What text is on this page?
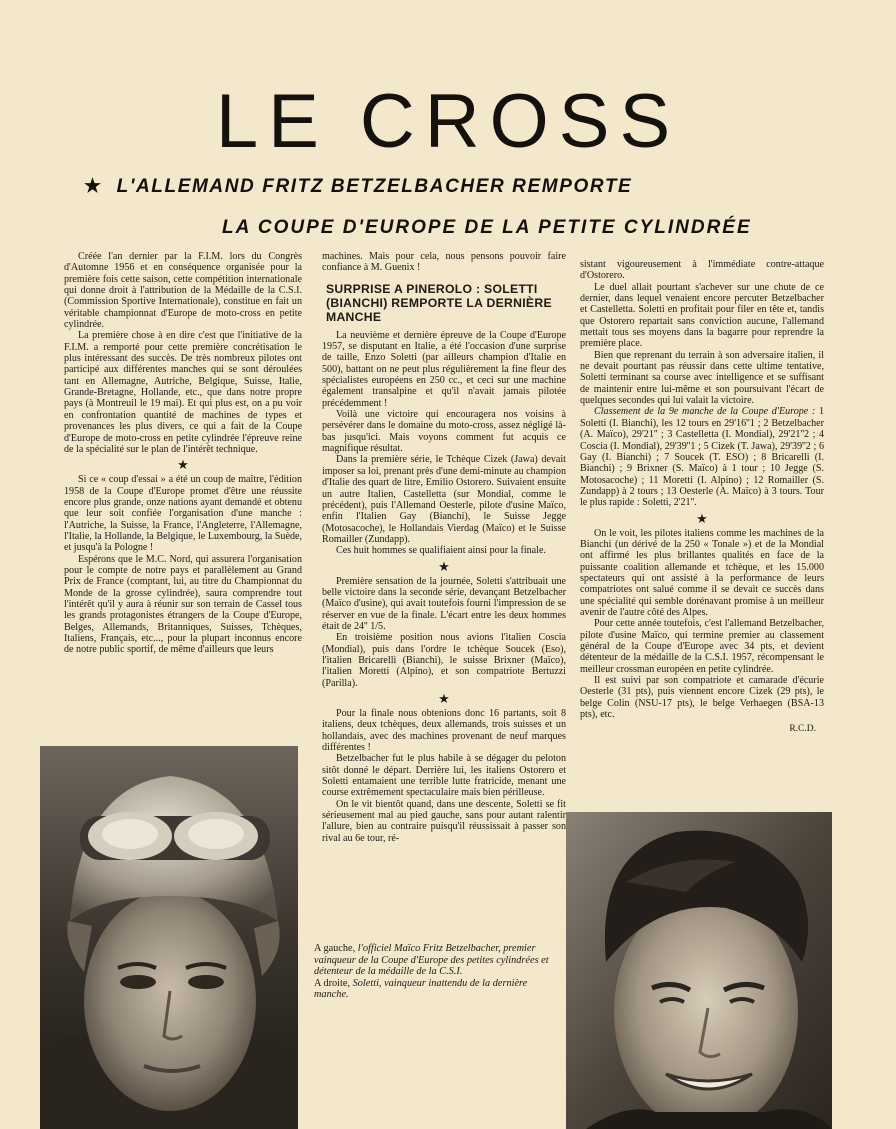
LE CROSS
★ L'ALLEMAND FRITZ BETZELBACHER REMPORTE
LA COUPE D'EUROPE DE LA PETITE CYLINDRÉE

Créée l'an dernier par la F.I.M. lors du Congrès d'Automne 1956 et en conséquence organisée pour la première fois cette saison, cette compétition internationale qui donne droit à l'attribution de la Médaille de la C.S.I. (Commission Sportive Internationale), constitue en fait un véritable championnat d'Europe de moto-cross en petite cylindrée.

La première chose à en dire c'est que l'initiative de la F.I.M. a remporté pour cette première concrétisation le plus intéressant des succès. De très nombreux pilotes ont participé aux différentes manches qui se sont déroulées tant en Allemagne, Autriche, Belgique, Suisse, Italie, Grande-Bretagne, Hollande, etc., que dans notre propre pays (à Montreuil le 19 mai). Et qui plus est, on a pu voir en confrontation quantité de machines de types et provenances les plus divers, ce qui a fait de la Coupe d'Europe de moto-cross en petite cylindrée l'épreuve reine de la spécialité sur le plan de l'intérêt technique.

★

Si ce « coup d'essai » a été un coup de maître, l'édition 1958 de la Coupe d'Europe promet d'être une réussite encore plus grande, onze nations ayant demandé et obtenu que leur soit confiée l'organisation d'une manche : l'Autriche, la Suisse, la France, l'Angleterre, l'Allemagne, l'Italie, la Hollande, la Belgique, le Luxembourg, la Suède, et jusqu'à la Pologne !

Espérons que le M.C. Nord, qui assurera l'organisation pour le compte de notre pays et parallèlement au Grand Prix de France (comptant, lui, au titre du Championnat du Monde de la grosse cylindrée), saura comprendre tout l'intérêt qu'il y aura à réunir sur son terrain de Cassel tous les grands protagonistes étrangers de la Coupe d'Europe, Belges, Allemands, Britanniques, Suisses, Tchèques, Italiens, Français, etc..., pour la plupart inconnus encore de notre public sportif, de même d'ailleurs que leurs

machines. Mais pour cela, nous pensons pouvoir faire confiance à M. Guenix !

SURPRISE A PINEROLO : SOLETTI (BIANCHI) REMPORTE LA DERNIÈRE MANCHE

La neuvième et dernière épreuve de la Coupe d'Europe 1957, se disputant en Italie, a été l'occasion d'une surprise de taille, Enzo Soletti (par ailleurs champion d'Italie en 500), battant on ne peut plus régulièrement la fine fleur des spécialistes européens en 250 cc., et ceci sur une machine également transalpine et qu'il n'avait jamais pilotée précédemment !

Voilà une victoire qui encouragera nos voisins à persévérer dans le domaine du moto-cross, assez négligé là-bas jusqu'ici. Mais voyons comment fut acquis ce magnifique résultat.

Dans la première série, le Tchèque Cizek (Jawa) devait imposer sa loi, prenant près d'une demi-minute au champion d'Italie des quart de litre, Emilio Ostorero. Suivaient ensuite un autre Italien, Castelletta (sur Mondial, comme le précédent), puis l'Allemand Oesterle, pilote d'usine Maïco, enfin l'Italien Gay (Bianchi), le Suisse Jegge (Motosacoche), le Hollandais Vierdag (Maïco) et le Suisse Romailler (Zundapp).

Ces huit hommes se qualifiaient ainsi pour la finale.

★

Première sensation de la journée, Soletti s'attribuait une belle victoire dans la seconde série, devançant Betzelbacher (Maïco d'usine), qui avait toutefois fourni l'impression de se réserver en vue de la finale. L'écart entre les deux hommes était de 24'' 1/5.

En troisième position nous avions l'italien Coscia (Mondial), puis dans l'ordre le tchèque Soucek (Eso), l'italien Bricarelli (Bianchi), le suisse Brixner (Maïco), l'italien Moretti (Alpino), et son compatriote Bertuzzi (Parilla).

★

Pour la finale nous obtenions donc 16 partants, soit 8 italiens, deux tchèques, deux allemands, trois suisses et un hollandais, avec des machines provenant de neuf marques différentes !

Betzelbacher fut le plus habile à se dégager du peloton sitôt donné le départ. Derrière lui, les italiens Ostorero et Soletti entamaient une terrible lutte fratricide, menant une course extrêmement spectaculaire mais bien périlleuse.

On le vit bientôt quand, dans une descente, Soletti se fit sérieusement mal au pied gauche, sans pour autant ralentir l'allure, bien au contraire puisqu'il réussissait à passer son rival au 6e tour, ré-

sistant vigoureusement à l'immédiate contre-attaque d'Ostorero.

Le duel allait pourtant s'achever sur une chute de ce dernier, dans lequel venaient encore percuter Betzelbacher et Castelletta. Soletti en profitait pour filer en tête et, tandis que Ostorero repartait sans conviction aucune, l'allemand mettait tous ses moyens dans la bagarre pour reprendre la première place.

Bien que reprenant du terrain à son adversaire italien, il ne devait pourtant pas réussir dans cette ultime tentative, Soletti terminant sa course avec intelligence et se suffisant de maintenir entre lui-même et son poursuivant l'écart de quelques secondes qui lui valait la victoire.

Classement de la 9e manche de la Coupe d'Europe : 1 Soletti (I. Bianchi), les 12 tours en 29'16''1 ; 2 Betzelbacher (A. Maïco), 29'21'' ; 3 Castelletta (I. Mondial), 29'21''2 ; 4 Coscia (I. Mondial), 29'39''1 ; 5 Cizek (T. Jawa), 29'39''2 ; 6 Gay (I. Bianchi) ; 7 Soucek (T. ESO) ; 8 Bricarelli (I. Bianchi) ; 9 Brixner (S. Maïco) à 1 tour ; 10 Jegge (S. Motosacoche) ; 11 Moretti (I. Alpino) ; 12 Romailler (S. Zundapp) à 2 tours ; 13 Oesterle (A. Maïco) à 3 tours. Tour le plus rapide : Soletti, 2'21''.

★

On le voit, les pilotes italiens comme les machines de la Bianchi (un dérivé de la 250 « Tonale ») et de la Mondial ont affirmé les plus brillantes qualités en face de la puissante coalition allemande et tchèque, et les 15.000 spectateurs qui ont assisté à la performance de leurs compatriotes ont salué comme il se devait ce succès dans une spécialité qui semble dorénavant promise à un meilleur avenir de l'autre côté des Alpes.

Pour cette année toutefois, c'est l'allemand Betzelbacher, pilote d'usine Maïco, qui termine premier au classement général de la Coupe d'Europe avec 34 pts, et devient détenteur de la médaille de la C.S.I. 1957, récompensant le meilleur crossman européen en petite cylindrée.

Il est suivi par son compatriote et camarade d'écurie Oesterle (31 pts), puis viennent encore Cizek (29 pts), le belge Colin (NSU-17 pts), le belge Verhaegen (BSA-13 pts), etc.

R.C.D.

A gauche, l'officiel Maïco Fritz Betzelbacher, premier vainqueur de la Coupe d'Europe des petites cylindrées et détenteur de la médaille de la C.S.I.

A droite, Soletti, vainqueur inattendu de la dernière manche.
